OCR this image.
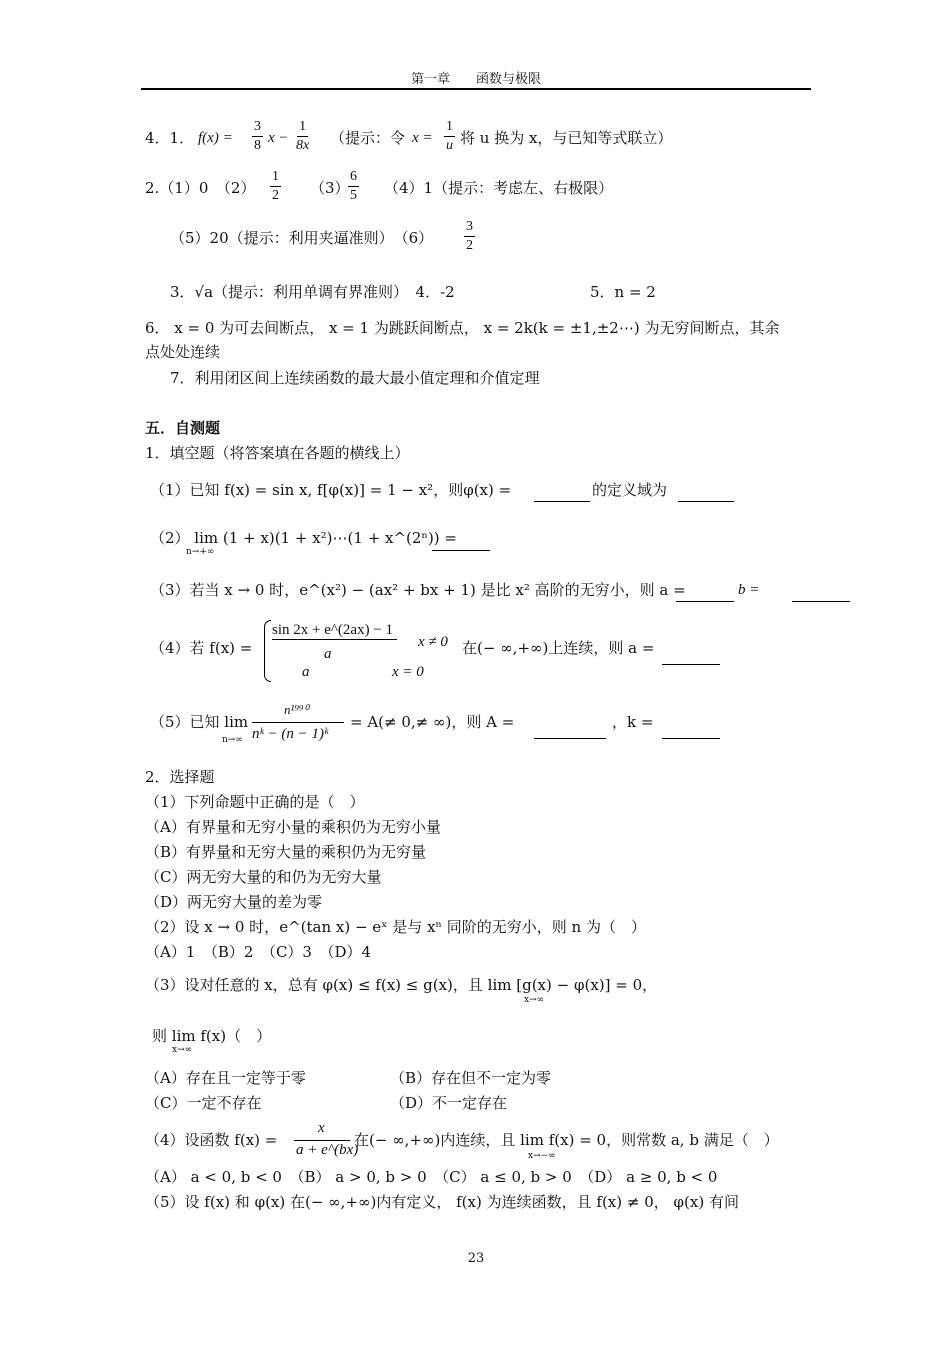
第一章　　函数与极限
4．1． $f(x) = \frac{3}{8}$ $x - \frac{1}{8x}$ （提示：令 $x = \frac{1}{u}$ 将 u 换为 x，与已知等式联立）
2.（1）0　$(2) \frac{1}{2} (3)$
$\frac{6}{5} (4)1$（提示：考虑左、右极限）
（5）20（提示：利用夹逼准则）　$(6) \frac{3}{2}$
3．√a（提示：利用单调有界准则）　4．-2	5．n = 2
6． x = 0 为可去间断点， x = 1 为跳跃间断点， x = 2k(k = ±1,±2⋯) 为无穷间断点，其余
点处处连续
7．利用闭区间上连续函数的最大最小值定理和介值定理
五．自测题
1．填空题（将答案填在各题的横线上）
（1）已知 f(x) = sin x, f[φ(x)] = 1 − x²，则φ(x) =	的定义域为
（2） lim (1 + x)(1 + x²)⋯(1 + x^(2ⁿ)) =
n→+∞
（3）若当 x → 0 时，e^(x²) − (ax² + bx + 1) 是比 x² 高阶的无穷小，则 a =	b =
（4）若 f(x) =
sin 2x + e^(2ax) − 1
a
x ≠ 0
a	x = 0
在(− ∞,+∞)上连续，则 a =
（5）已知 lim
n→∞
n¹⁹⁹⁰
nᵏ − (n − 1)ᵏ
= A(≠ 0,≠ ∞)，则 A =	，k =
2．选择题
（1）下列命题中正确的是（　）
（A）有界量和无穷小量的乘积仍为无穷小量
（B）有界量和无穷大量的乘积仍为无穷量
（C）两无穷大量的和仍为无穷大量
（D）两无穷大量的差为零
（2）设 x → 0 时，e^(tan x) − eˣ 是与 xⁿ 同阶的无穷小，则 n 为（　）
（A）1　（B）2　（C）3　（D）4
（3）设对任意的 x，总有 φ(x) ≤ f(x) ≤ g(x)，且 lim [g(x) − φ(x)] = 0，
x→∞
则 lim f(x)（　）
x→∞
（A）存在且一定等于零	（B）存在但不一定为零
（C）一定不存在	（D）不一定存在
（4）设函数 f(x) =
x
a + e^(bx)
在(− ∞,+∞)内连续，且 lim f(x) = 0，则常数 a, b 满足（　）
x→−∞
（A） a < 0, b < 0　（B） a > 0, b > 0　（C） a ≤ 0, b > 0　（D） a ≥ 0, b < 0
（5）设 f(x) 和 φ(x) 在(− ∞,+∞)内有定义， f(x) 为连续函数，且 f(x) ≠ 0， φ(x) 有间
23
